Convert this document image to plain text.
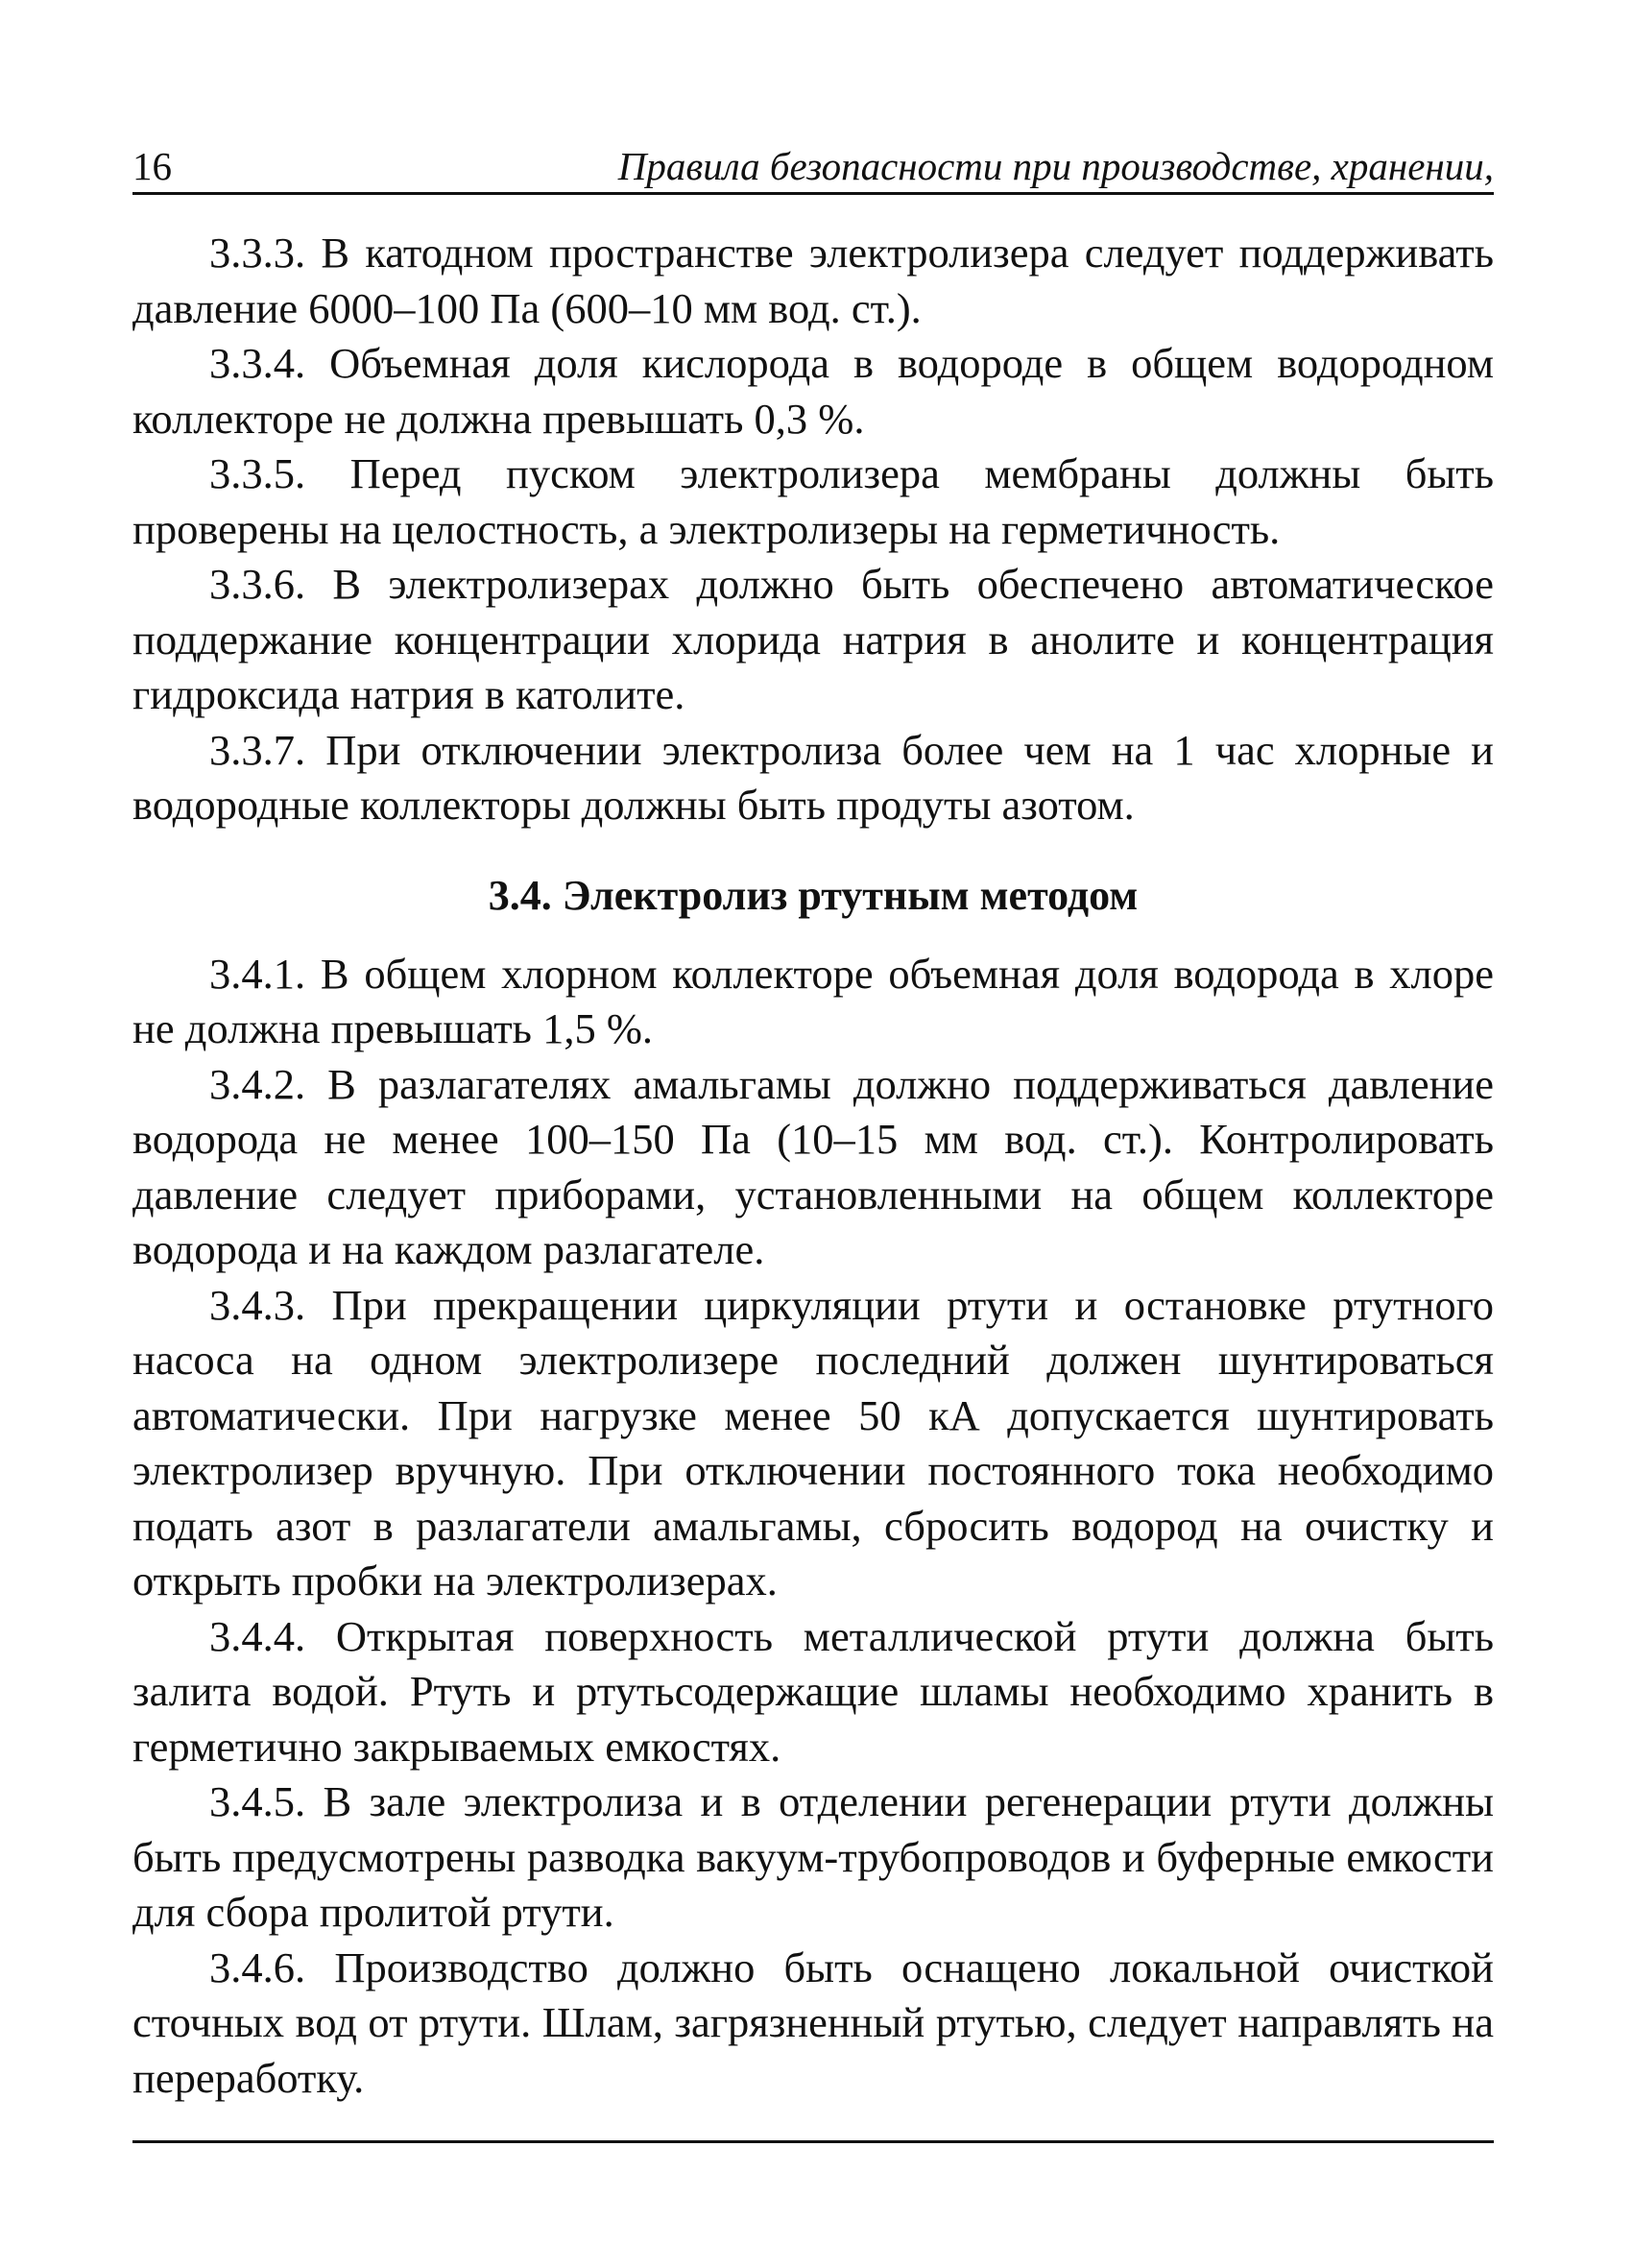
16	Правила безопасности при производстве, хранении,

3.3.3. В катодном пространстве электролизера следует поддерживать давление 6000–100 Па (600–10 мм вод. ст.).

3.3.4. Объемная доля кислорода в водороде в общем водородном коллекторе не должна превышать 0,3 %.

3.3.5. Перед пуском электролизера мембраны должны быть проверены на целостность, а электролизеры на герметичность.

3.3.6. В электролизерах должно быть обеспечено автоматическое поддержание концентрации хлорида натрия в анолите и концентрация гидроксида натрия в католите.

3.3.7. При отключении электролиза более чем на 1 час хлорные и водородные коллекторы должны быть продуты азотом.

3.4. Электролиз ртутным методом

3.4.1. В общем хлорном коллекторе объемная доля водорода в хлоре не должна превышать 1,5 %.

3.4.2. В разлагателях амальгамы должно поддерживаться давление водорода не менее 100–150 Па (10–15 мм вод. ст.). Контролировать давление следует приборами, установленными на общем коллекторе водорода и на каждом разлагателе.

3.4.3. При прекращении циркуляции ртути и остановке ртутного насоса на одном электролизере последний должен шунтироваться автоматически. При нагрузке менее 50 кА допускается шунтировать электролизер вручную. При отключении постоянного тока необходимо подать азот в разлагатели амальгамы, сбросить водород на очистку и открыть пробки на электролизерах.

3.4.4. Открытая поверхность металлической ртути должна быть залита водой. Ртуть и ртутьсодержащие шламы необходимо хранить в герметично закрываемых емкостях.

3.4.5. В зале электролиза и в отделении регенерации ртути должны быть предусмотрены разводка вакуум-трубопроводов и буферные емкости для сбора пролитой ртути.

3.4.6. Производство должно быть оснащено локальной очисткой сточных вод от ртути. Шлам, загрязненный ртутью, следует направлять на переработку.
